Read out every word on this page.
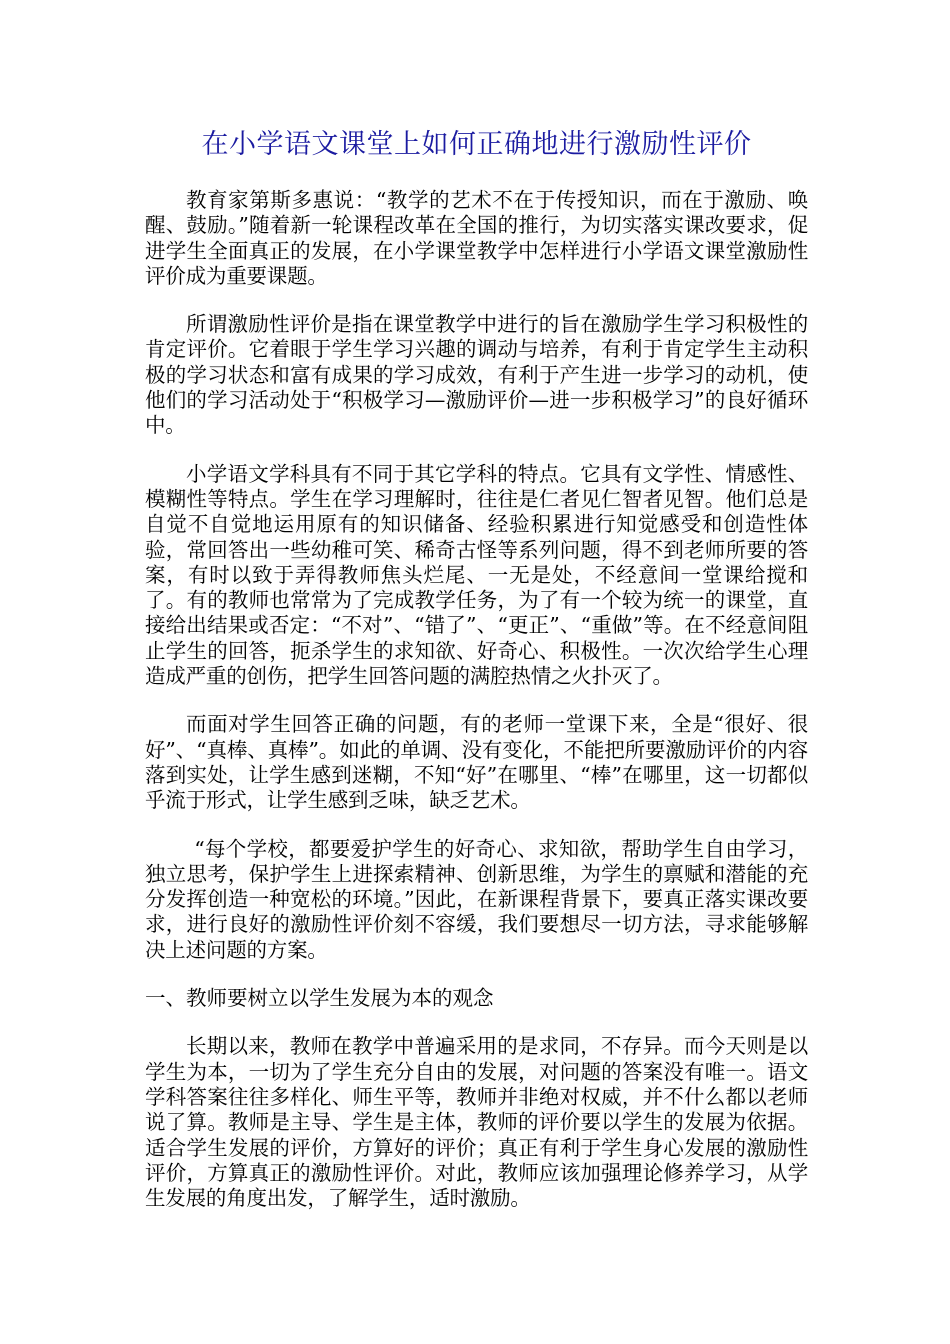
在小学语文课堂上如何正确地进行激励性评价

教育家第斯多惠说：“教学的艺术不在于传授知识，而在于激励、唤醒、鼓励。”随着新一轮课程改革在全国的推行，为切实落实课改要求，促进学生全面真正的发展，在小学课堂教学中怎样进行小学语文课堂激励性评价成为重要课题。

所谓激励性评价是指在课堂教学中进行的旨在激励学生学习积极性的肯定评价。它着眼于学生学习兴趣的调动与培养，有利于肯定学生主动积极的学习状态和富有成果的学习成效，有利于产生进一步学习的动机，使他们的学习活动处于“积极学习—激励评价—进一步积极学习”的良好循环中。

小学语文学科具有不同于其它学科的特点。它具有文学性、情感性、模糊性等特点。学生在学习理解时，往往是仁者见仁智者见智。他们总是自觉不自觉地运用原有的知识储备、经验积累进行知觉感受和创造性体验，常回答出一些幼稚可笑、稀奇古怪等系列问题，得不到老师所要的答案，有时以致于弄得教师焦头烂尾、一无是处，不经意间一堂课给搅和了。有的教师也常常为了完成教学任务，为了有一个较为统一的课堂，直接给出结果或否定：“不对”、“错了”、“更正”、“重做”等。在不经意间阻止学生的回答，扼杀学生的求知欲、好奇心、积极性。一次次给学生心理造成严重的创伤，把学生回答问题的满腔热情之火扑灭了。

而面对学生回答正确的问题，有的老师一堂课下来，全是“很好、很好”、“真棒、真棒”。如此的单调、没有变化，不能把所要激励评价的内容落到实处，让学生感到迷糊，不知“好”在哪里、“棒”在哪里，这一切都似乎流于形式，让学生感到乏味，缺乏艺术。

“每个学校，都要爱护学生的好奇心、求知欲，帮助学生自由学习，独立思考，保护学生上进探索精神、创新思维，为学生的禀赋和潜能的充分发挥创造一种宽松的环境。”因此，在新课程背景下，要真正落实课改要求，进行良好的激励性评价刻不容缓，我们要想尽一切方法，寻求能够解决上述问题的方案。

一、教师要树立以学生发展为本的观念

长期以来，教师在教学中普遍采用的是求同，不存异。而今天则是以学生为本，一切为了学生充分自由的发展，对问题的答案没有唯一。语文学科答案往往多样化、师生平等，教师并非绝对权威，并不什么都以老师说了算。教师是主导、学生是主体，教师的评价要以学生的发展为依据。适合学生发展的评价，方算好的评价；真正有利于学生身心发展的激励性评价，方算真正的激励性评价。对此，教师应该加强理论修养学习，从学生发展的角度出发，了解学生，适时激励。
